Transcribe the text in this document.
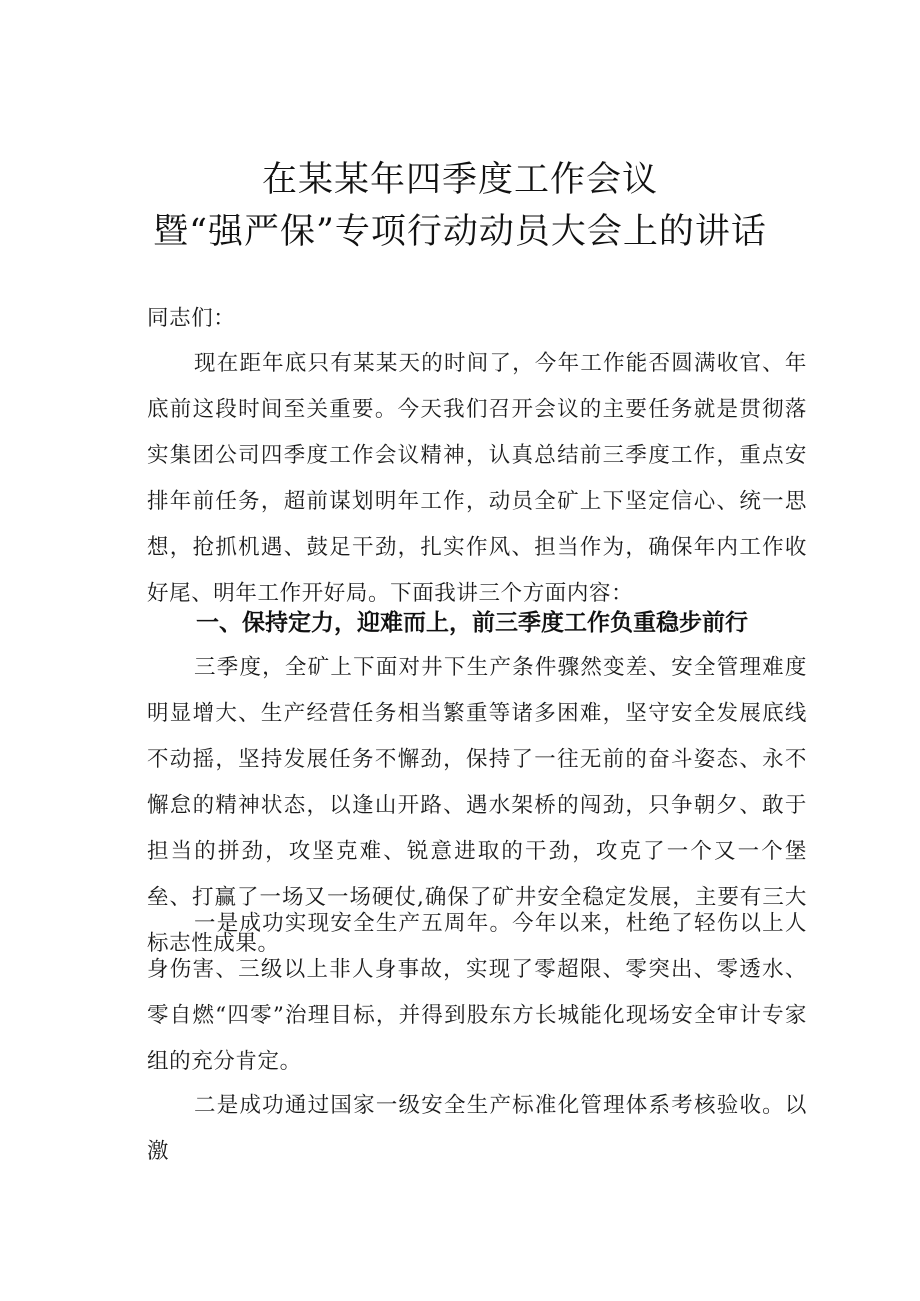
在某某年四季度工作会议
暨“强严保”专项行动动员大会上的讲话

同志们：

现在距年底只有某某天的时间了，今年工作能否圆满收官、年底前这段时间至关重要。今天我们召开会议的主要任务就是贯彻落实集团公司四季度工作会议精神，认真总结前三季度工作，重点安排年前任务，超前谋划明年工作，动员全矿上下坚定信心、统一思想，抢抓机遇、鼓足干劲，扎实作风、担当作为，确保年内工作收好尾、明年工作开好局。下面我讲三个方面内容：

一、保持定力，迎难而上，前三季度工作负重稳步前行

三季度，全矿上下面对井下生产条件骤然变差、安全管理难度明显增大、生产经营任务相当繁重等诸多困难，坚守安全发展底线不动摇，坚持发展任务不懈劲，保持了一往无前的奋斗姿态、永不懈怠的精神状态，以逢山开路、遇水架桥的闯劲，只争朝夕、敢于担当的拼劲，攻坚克难、锐意进取的干劲，攻克了一个又一个堡垒、打赢了一场又一场硬仗,确保了矿井安全稳定发展，主要有三大标志性成果。

一是成功实现安全生产五周年。今年以来，杜绝了轻伤以上人身伤害、三级以上非人身事故，实现了零超限、零突出、零透水、零自燃“四零”治理目标，并得到股东方长城能化现场安全审计专家组的充分肯定。

二是成功通过国家一级安全生产标准化管理体系考核验收。以激
